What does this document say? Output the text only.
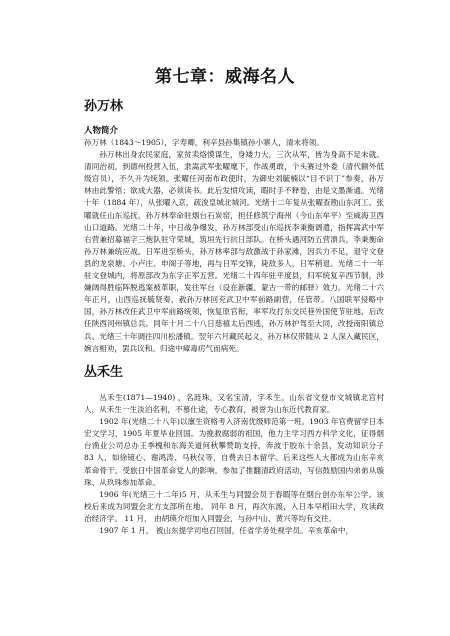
第七章：威海名人
孙万林
人物简介

孙万林（1843～1905），字寿卿，利辛县孙集镇孙小寨人，清末将领。

孙万林出身农民家庭，家贫卖烙馍谋生，身矮力大，三次从军，皆为身高不足未就。清同治初，到德州投营入伍，隶嵩武军张曜麾下，作战勇敢，个头赛过外委（清代额外低级官员），不久升为统领。张曜任河南布政使时，为御史刘毓楠以“目不识丁”参奏，孙万林由此警悟；欲成大器，必须读书。此后发愤攻读，暇时手不释卷，由是文墨渐通。光绪十年（1884 年），从张曜入京，疏浚皇城北城河。光绪十二年复从张曜查勘山东河工。张曜就任山东巡抚，孙万林奉命驻烟台石炭窑，担任修筑宁海州（今山东牟平）至威海卫西山口道路。光绪二十年，中日战争爆发，孙万林部受山东巡抚李秉衡调遣，指挥嵩武中军右营兼招募福字三炮队驻守荣城，筑垣先行抗日部队。在桥头遇河防五营溃兵，李秉衡命孙万林兼统应战。日军进至桥头，孙万林率部与敌激战于孙家滩，因兵力不足，退守文登县的龙泉塘、小卢庄、申阁子等地，再与日军交锋，毙敌多人，日军稍退。光绪二十一年驻文登城内，将原部改为东字正军五营。光绪二十四年驻平度县，归军统复辛西节制，涉嫌阔得胜临阵脱逃案被革职，发往军台（设在新疆、蒙古一带的邮驿）效力。光绪二十六年正月，山西巡抚毓贤奏，赦孙万林回充武卫中军前路副营，任管带。八国联军侵略中国，孙万林改任武卫中军前路统领，恢复原官衔，率军攻打东交民巷外国使节驻地，后改任陕西河州镇总兵。同年十月二十八日慈禧太后西逃，孙万林护驾至大同，改授南阳镇总兵。光绪三十年调往四川松潘镇。翌年六月藏民起义，孙万林仅带随从 2 人深入藏民区，婉言相劝，罢兵议和。归途中瘴毒疠气而病死。

丛禾生

丛禾生(1871—1940) ，名涟珠，又名宝清，字禾生。山东省文登市文城镇北宫村人，从禾生一生淡泊名利，不慕仕途，专心教育，被誉为山东近代教育家。

1902 年(光绪二十八年)以廪生资格考入济南优级师范第一班。1903 年官费留学日本宏文学习，1905 年夏毕业回国。为挽救腐弱的祖国，他力主学习西方科学文化，征得烟台渔业公司总办王季槐和东海关道何秋攀赞助支持，奔波于胶东十余县，发动知识分子 83 人，如徐镜心、谢鸿涛、马秋仪等，自费去日本留学。后来这些人大都成为山东辛亥革命骨干。受旅日中国革命党人的影响，参加了推翻清政府活动，写信鼓励国内弟弟从璇珠、从玖珠参加革命。

1906 年(光绪三十二年)5 月，从禾生与同盟会员于春暇等在烟台创办东牟公学。该校后来成为同盟会北方支部所在地。 同年 8 月，再次东渡，入日本早稻田大学，攻读政治经济学。 11 月， 由胡瑛介绍加入同盟会，与孙中山、黄兴等均有交往。

1907 年 1 月， 被山东提学司电召回国，任省学务处视学员。辛亥革命中，
